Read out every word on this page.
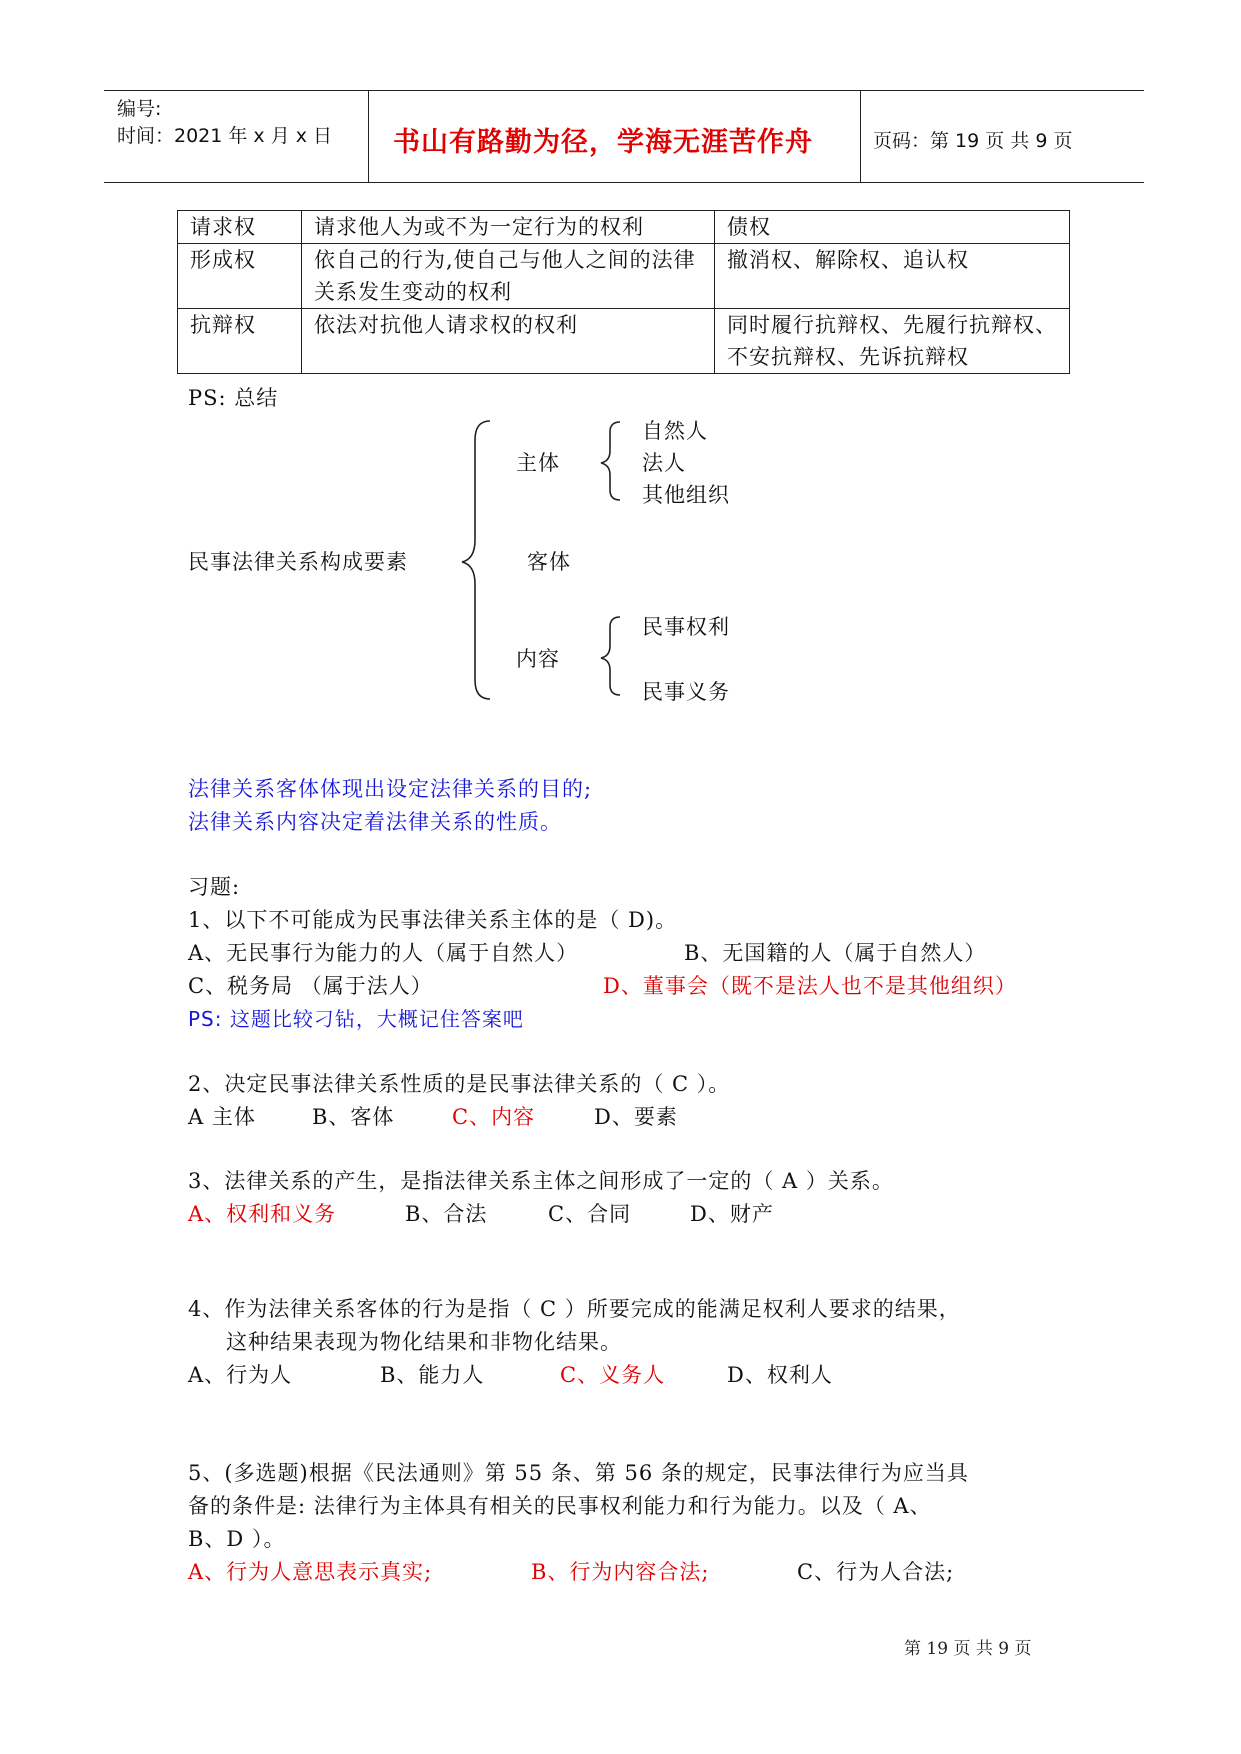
编号:
时间：2021 年 x 月 x 日 书山有路勤为径，学海无涯苦作舟	页码：第 19 页 共 9 页
请求权	请求他人为或不为一定行为的权利	债权
形成权	依自己的行为,使自己与他人之间的法律关系发生变动的权利	撤消权、解除权、追认权
抗辩权	依法对抗他人请求权的权利	同时履行抗辩权、先履行抗辩权、不安抗辩权、先诉抗辩权
PS: 总结
民事法律关系构成要素
主体
自然人
法人
其他组织
客体
内容
民事权利
民事义务
法律关系客体体现出设定法律关系的目的;
法律关系内容决定着法律关系的性质。
习题:
1、以下不可能成为民事法律关系主体的是（ D)。
A、无民事行为能力的人（属于自然人）	B、无国籍的人（属于自然人）
C、税务局 （属于法人）	D、董事会（既不是法人也不是其他组织）
PS: 这题比较刁钻，大概记住答案吧
2、决定民事法律关系性质的是民事法律关系的（ C ）。
A 主体	B、客体	C、内容	D、要素
3、法律关系的产生，是指法律关系主体之间形成了一定的（ A ）关系。
A、权利和义务	B、合法	C、合同	D、财产
4、作为法律关系客体的行为是指（ C ）所要完成的能满足权利人要求的结果，
这种结果表现为物化结果和非物化结果。
A、行为人	B、能力人	C、义务人	D、权利人
5、(多选题)根据《民法通则》第 55 条、第 56 条的规定，民事法律行为应当具
备的条件是: 法律行为主体具有相关的民事权利能力和行为能力。以及（ A、
B、D ）。
A、行为人意思表示真实;	B、行为内容合法;	C、行为人合法;
第 19 页 共 9 页
